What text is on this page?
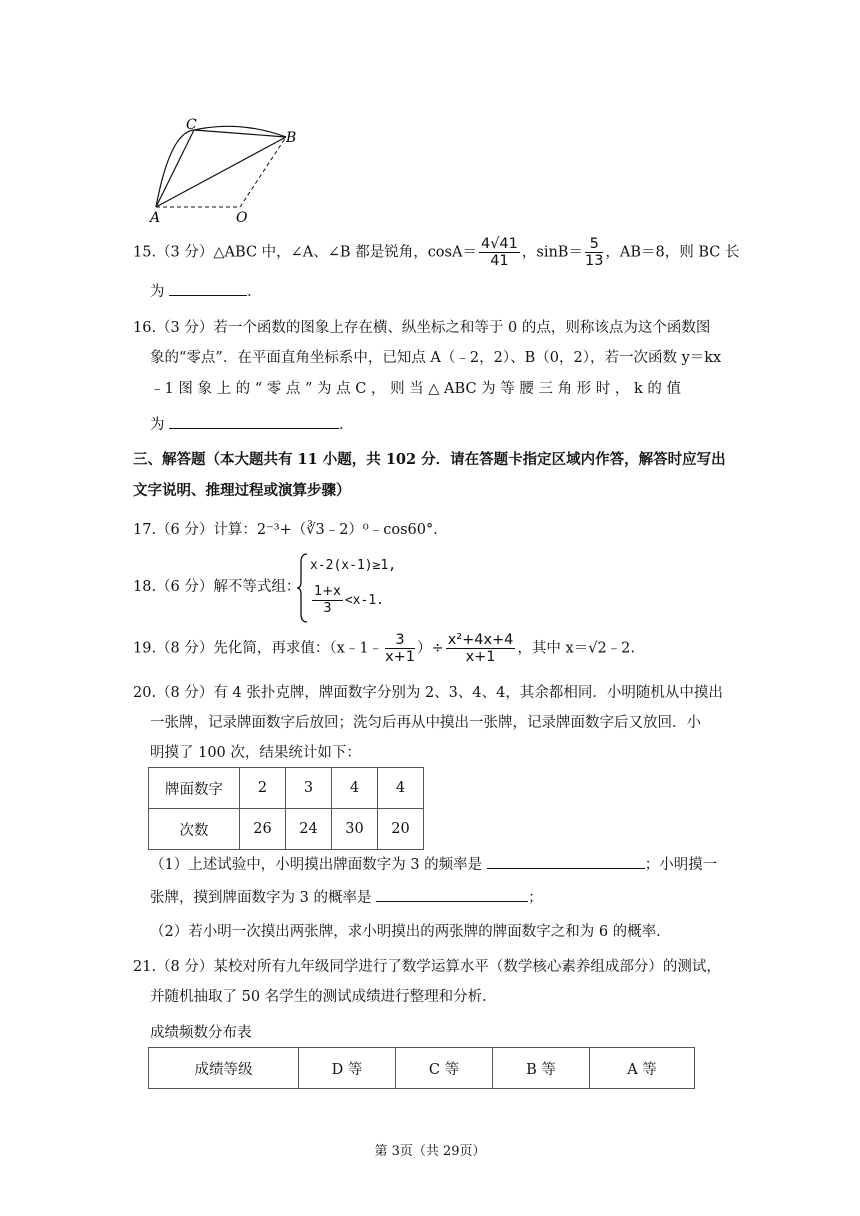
C
B
A	O
15.（3 分）△ABC 中，∠A、∠B 都是锐角，$\cos A= \frac{4√41}{41}$ ，$\sin B= \frac{5}{13}$ ，AB＝8，则 BC 长
为	．
16.（3 分）若一个函数的图象上存在横、纵坐标之和等于 0 的点，则称该点为这个函数图
象的“零点”．在平面直角坐标系中，已知点 A（﹣2，2）、B（0，2），若一次函数 y＝kx
﹣1 图 象 上 的 “ 零 点 ” 为 点 C ， 则 当 △ ABC 为 等 腰 三 角 形 时 ， k 的 值
为	．
三、解答题（本大题共有 11 小题，共 102 分．请在答题卡指定区域内作答，解答时应写出
文字说明、推理过程或演算步骤）
17.（6 分）计算：2⁻³+（∛3﹣2）⁰﹣cos60°．
18.（6 分）解不等式组：
x-2(x-1)≥1,
$\frac{1+x}{3} <x-1$.
19.（8 分）先化简，再求值：（x﹣1﹣ $\frac{3}{x+1}$ ）÷ $\frac{\text{x²+4x+4}}{x+1}$ ，其中 x＝√2﹣2.
20.（8 分）有 4 张扑克牌，牌面数字分别为 2、3、4、4，其余都相同．小明随机从中摸出
一张牌，记录牌面数字后放回；洗匀后再从中摸出一张牌，记录牌面数字后又放回．小
明摸了 100 次，结果统计如下：
牌面数字	2	3	4	4
次数	26	24	30	20
（1）上述试验中，小明摸出牌面数字为 3 的频率是	；小明摸一
张牌，摸到牌面数字为 3 的概率是	；
（2）若小明一次摸出两张牌，求小明摸出的两张牌的牌面数字之和为 6 的概率．
21.（8 分）某校对所有九年级同学进行了数学运算水平（数学核心素养组成部分）的测试，
并随机抽取了 50 名学生的测试成绩进行整理和分析．
成绩频数分布表
成绩等级	D 等	C 等	B 等	A 等
第 3页（共 29页）
